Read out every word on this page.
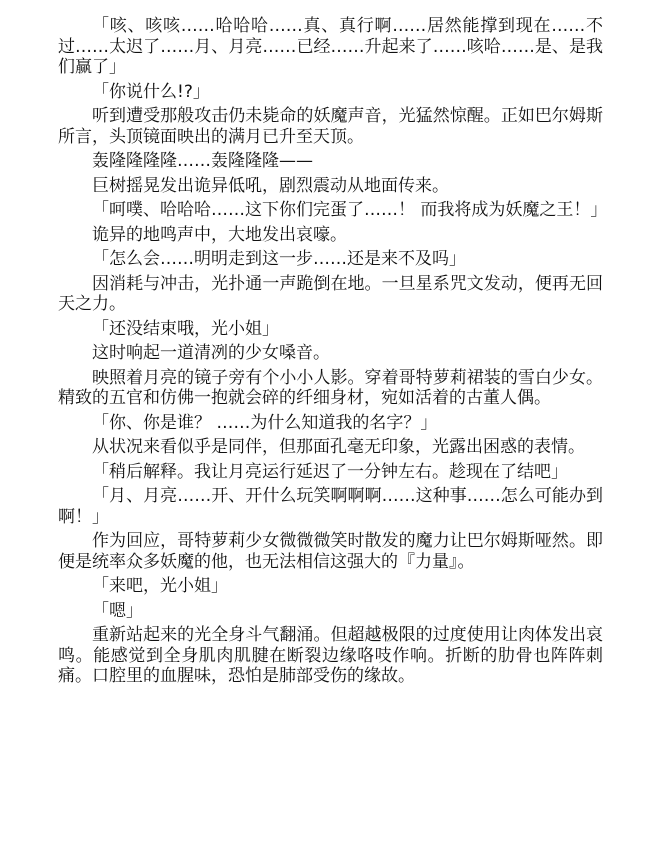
「咳、咳咳……哈哈哈……真、真行啊……居然能撑到现在……不过……太迟了……月、月亮……已经……升起来了……咳哈……是、是我们赢了」

「你说什么!?」

听到遭受那般攻击仍未毙命的妖魔声音，光猛然惊醒。正如巴尔姆斯所言，头顶镜面映出的满月已升至天顶。

轰隆隆隆隆……轰隆隆隆——

巨树摇晃发出诡异低吼，剧烈震动从地面传来。

「呵噗、哈哈哈……这下你们完蛋了……！ 而我将成为妖魔之王！」

诡异的地鸣声中，大地发出哀嚎。

「怎么会……明明走到这一步……还是来不及吗」

因消耗与冲击，光扑通一声跪倒在地。一旦星系咒文发动，便再无回天之力。

「还没结束哦，光小姐」

这时响起一道清冽的少女嗓音。

映照着月亮的镜子旁有个小小人影。穿着哥特萝莉裙装的雪白少女。精致的五官和仿佛一抱就会碎的纤细身材，宛如活着的古董人偶。

「你、你是谁？ ……为什么知道我的名字？」

从状况来看似乎是同伴，但那面孔毫无印象，光露出困惑的表情。

「稍后解释。我让月亮运行延迟了一分钟左右。趁现在了结吧」

「月、月亮……开、开什么玩笑啊啊啊……这种事……怎么可能办到啊！」

作为回应，哥特萝莉少女微微微笑时散发的魔力让巴尔姆斯哑然。即便是统率众多妖魔的他，也无法相信这强大的『力量』。

「来吧，光小姐」

「嗯」

重新站起来的光全身斗气翻涌。但超越极限的过度使用让肉体发出哀鸣。能感觉到全身肌肉肌腱在断裂边缘咯吱作响。折断的肋骨也阵阵刺痛。口腔里的血腥味，恐怕是肺部受伤的缘故。
